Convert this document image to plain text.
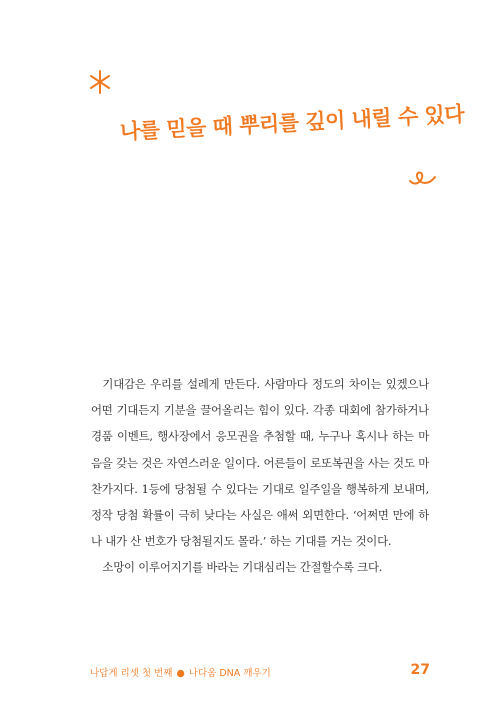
나를 믿을 때 뿌리를 깊이 내릴 수 있다

기대감은 우리를 설레게 만든다. 사람마다 정도의 차이는 있겠으나 어떤 기대든지 기분을 끌어올리는 힘이 있다. 각종 대회에 참가하거나 경품 이벤트, 행사장에서 응모권을 추첨할 때, 누구나 혹시나 하는 마음을 갖는 것은 자연스러운 일이다. 어른들이 로또복권을 사는 것도 마찬가지다. 1등에 당첨될 수 있다는 기대로 일주일을 행복하게 보내며, 정작 당첨 확률이 극히 낮다는 사실은 애써 외면한다. ‘어쩌면 만에 하나 내가 산 번호가 당첨될지도 몰라.’ 하는 기대를 거는 것이다.

소망이 이루어지기를 바라는 기대심리는 간절할수록 크다.

나답게 리셋 첫 번째 ● 나다움 DNA 깨우기	27
